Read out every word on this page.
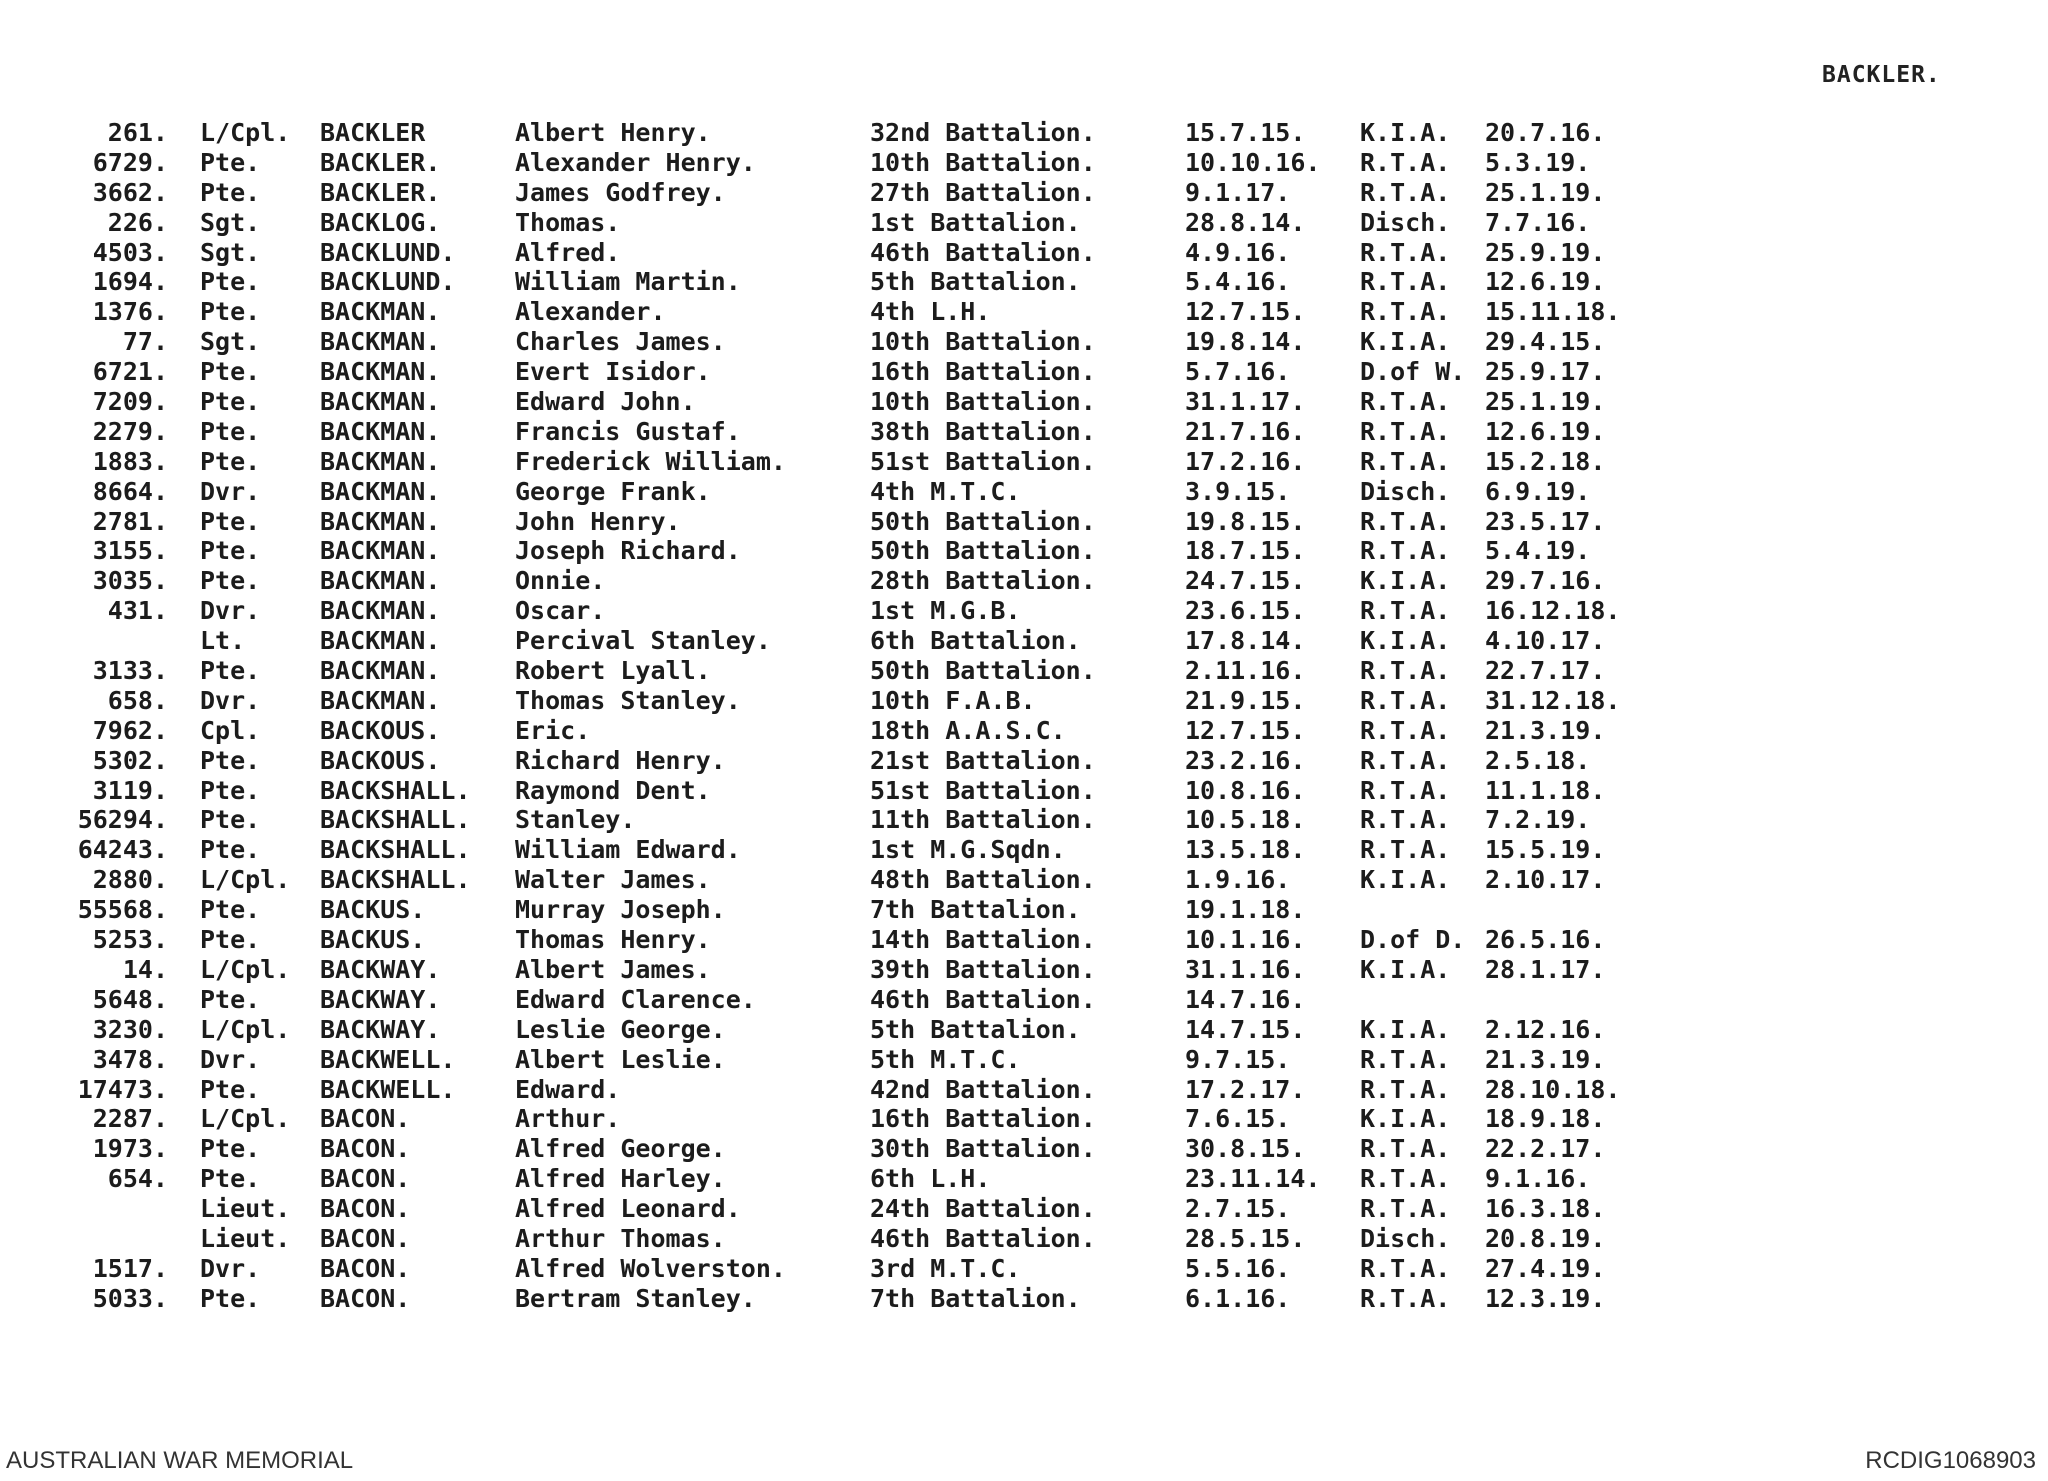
BACKLER.
261. L/Cpl. BACKLER	Albert Henry.	32nd Battalion.	15.7.15. K.I.A. 20.7.16.
6729. Pte. BACKLER.	Alexander Henry.	10th Battalion.	10.10.16. R.T.A. 5.3.19.
3662. Pte. BACKLER.	James Godfrey.	27th Battalion.	9.1.17.	R.T.A. 25.1.19.
226. Sgt. BACKLOG.	Thomas.	1st Battalion.	28.8.14. Disch. 7.7.16.
4503. Sgt. BACKLUND. Alfred.	46th Battalion.	4.9.16.	R.T.A. 25.9.19.
1694. Pte. BACKLUND. William Martin.	5th Battalion.	5.4.16.	R.T.A. 12.6.19.
1376. Pte. BACKMAN.	Alexander.	4th L.H.	12.7.15. R.T.A. 15.11.18.
77. Sgt. BACKMAN.	Charles James.	10th Battalion.	19.8.14. K.I.A. 29.4.15.
6721. Pte. BACKMAN.	Evert Isidor.	16th Battalion.	5.7.16.	D.of W. 25.9.17.
7209. Pte. BACKMAN.	Edward John.	10th Battalion.	31.1.17. R.T.A. 25.1.19.
2279. Pte. BACKMAN.	Francis Gustaf.	38th Battalion.	21.7.16. R.T.A. 12.6.19.
1883. Pte. BACKMAN.	Frederick William.	51st Battalion.	17.2.16. R.T.A. 15.2.18.
8664. Dvr. BACKMAN.	George Frank.	4th M.T.C.	3.9.15.	Disch. 6.9.19.
2781. Pte. BACKMAN.	John Henry.	50th Battalion.	19.8.15. R.T.A. 23.5.17.
3155. Pte. BACKMAN.	Joseph Richard.	50th Battalion.	18.7.15. R.T.A. 5.4.19.
3035. Pte. BACKMAN.	Onnie.	28th Battalion.	24.7.15. K.I.A. 29.7.16.
431. Dvr. BACKMAN.	Oscar.	1st M.G.B.	23.6.15. R.T.A. 16.12.18.
Lt.	BACKMAN.	Percival Stanley.	6th Battalion.	17.8.14. K.I.A. 4.10.17.
3133. Pte. BACKMAN.	Robert Lyall.	50th Battalion.	2.11.16. R.T.A. 22.7.17.
658. Dvr. BACKMAN.	Thomas Stanley.	10th F.A.B.	21.9.15. R.T.A. 31.12.18.
7962. Cpl. BACKOUS.	Eric.	18th A.A.S.C.	12.7.15. R.T.A. 21.3.19.
5302. Pte. BACKOUS.	Richard Henry.	21st Battalion.	23.2.16. R.T.A. 2.5.18.
3119. Pte. BACKSHALL. Raymond Dent.	51st Battalion.	10.8.16. R.T.A. 11.1.18.
56294. Pte. BACKSHALL. Stanley.	11th Battalion.	10.5.18. R.T.A. 7.2.19.
64243. Pte. BACKSHALL. William Edward.	1st M.G.Sqdn.	13.5.18. R.T.A. 15.5.19.
2880. L/Cpl. BACKSHALL. Walter James.	48th Battalion.	1.9.16.	K.I.A. 2.10.17.
55568. Pte. BACKUS.	Murray Joseph.	7th Battalion.	19.1.18.
5253. Pte. BACKUS.	Thomas Henry.	14th Battalion.	10.1.16. D.of D. 26.5.16.
14. L/Cpl. BACKWAY.	Albert James.	39th Battalion.	31.1.16. K.I.A. 28.1.17.
5648. Pte. BACKWAY.	Edward Clarence.	46th Battalion.	14.7.16.
3230. L/Cpl. BACKWAY.	Leslie George.	5th Battalion.	14.7.15. K.I.A. 2.12.16.
3478. Dvr. BACKWELL. Albert Leslie.	5th M.T.C.	9.7.15.	R.T.A. 21.3.19.
17473. Pte. BACKWELL. Edward.	42nd Battalion.	17.2.17. R.T.A. 28.10.18.
2287. L/Cpl. BACON.	Arthur.	16th Battalion.	7.6.15.	K.I.A. 18.9.18.
1973. Pte. BACON.	Alfred George.	30th Battalion.	30.8.15. R.T.A. 22.2.17.
654. Pte. BACON.	Alfred Harley.	6th L.H.	23.11.14. R.T.A. 9.1.16.
Lieut. BACON.	Alfred Leonard.	24th Battalion.	2.7.15.	R.T.A. 16.3.18.
Lieut. BACON.	Arthur Thomas.	46th Battalion.	28.5.15. Disch. 20.8.19.
1517. Dvr. BACON.	Alfred Wolverston.	3rd M.T.C.	5.5.16.	R.T.A. 27.4.19.
5033. Pte. BACON.	Bertram Stanley.	7th Battalion.	6.1.16.	R.T.A. 12.3.19.
AUSTRALIAN WAR MEMORIAL	RCDIG1068903
